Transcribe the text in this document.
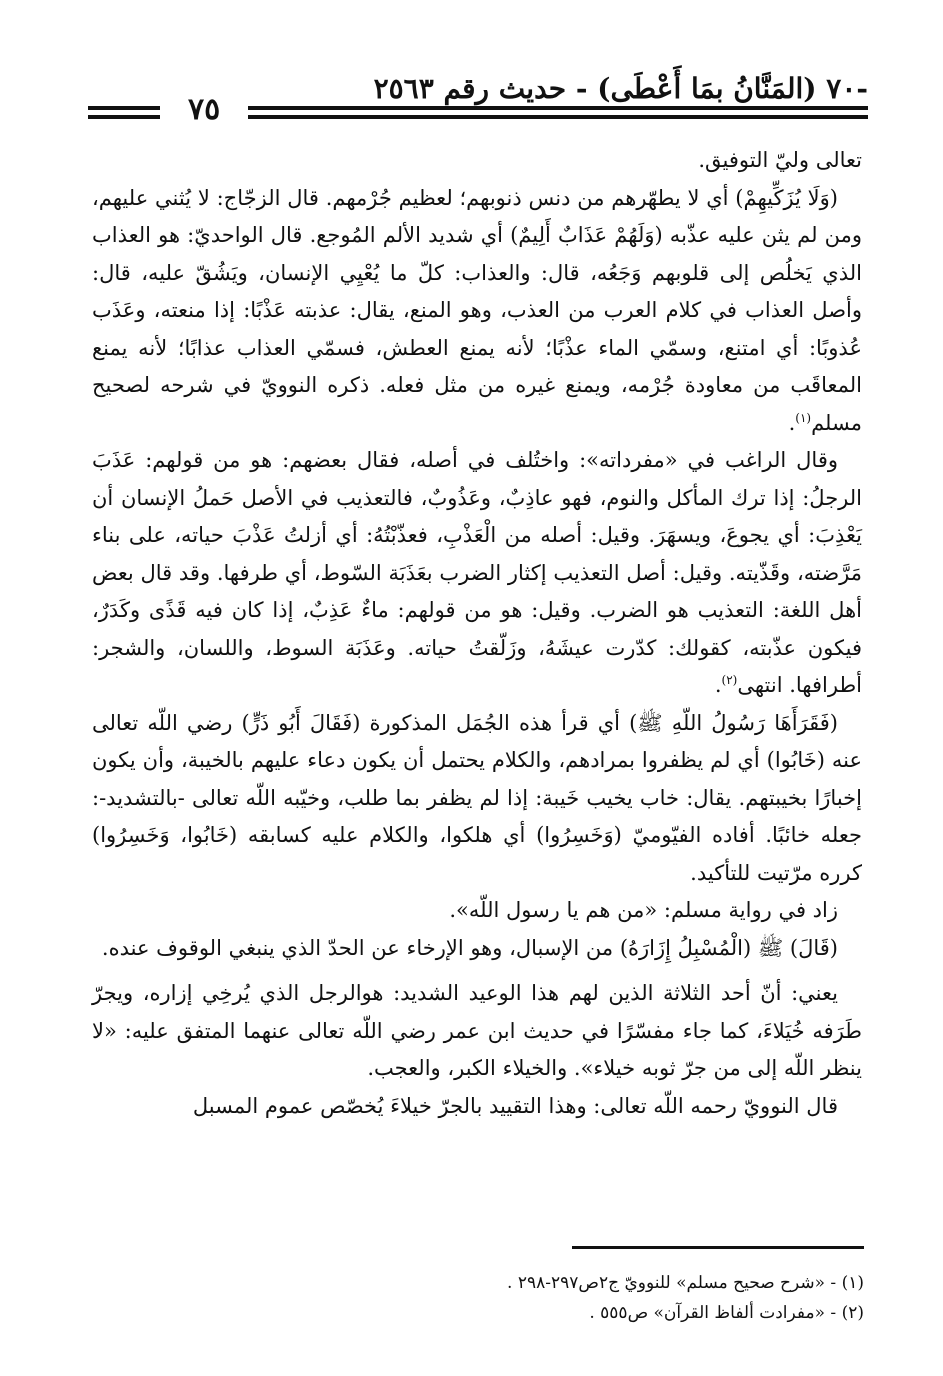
-٧٠ (المَنَّانُ بمَا أَعْطَى) - حديث رقم ٢٥٦٣
٧٥

تعالى وليّ التوفيق.

(وَلَا يُزَكِّيهِمْ) أي لا يطهّرهم من دنس ذنوبهم؛ لعظيم جُرْمهم. قال الزجّاج: لا يُثني عليهم، ومن لم يثن عليه عذّبه (وَلَهُمْ عَذَابٌ أَلِيمٌ) أي شديد الألم المُوجع. قال الواحديّ: هو العذاب الذي يَخلُص إلى قلوبهم وَجَعُه، قال: والعذاب: كلّ ما يُعْيِي الإنسان، ويَشُقّ عليه، قال: وأصل العذاب في كلام العرب من العذب، وهو المنع، يقال: عذبته عَذْبًا: إذا منعته، وعَذَب عُذوبًا: أي امتنع، وسمّي الماء عذْبًا؛ لأنه يمنع العطش، فسمّي العذاب عذابًا؛ لأنه يمنع المعاقَب من معاودة جُرْمه، ويمنع غيره من مثل فعله. ذكره النوويّ في شرحه لصحيح مسلم$^{(١)}$.

وقال الراغب في «مفرداته»: واختُلف في أصله، فقال بعضهم: هو من قولهم: عَذَبَ الرجلُ: إذا ترك المأكل والنوم، فهو عاذِبٌ، وعَذُوبٌ، فالتعذيب في الأصل حَملُ الإنسان أن يَعْذِبَ: أي يجوعَ، ويسهَرَ. وقيل: أصله من الْعَذْبِ، فعذّبْتُهُ: أي أزلتُ عَذْبَ حياته، على بناء مَرَّضته، وقَذّيته. وقيل: أصل التعذيب إكثار الضرب بعَذَبَة السّوط، أي طرفها. وقد قال بعض أهل اللغة: التعذيب هو الضرب. وقيل: هو من قولهم: ماءٌ عَذِبٌ، إذا كان فيه قَذًى وكَدَرٌ، فيكون عذّبته، كقولك: كدّرت عيشَهُ، وزَلّقتُ حياته. وعَذَبَة السوط، واللسان، والشجر: أطرافها. انتهى$^{(٢)}$.

(فَقَرَأَهَا رَسُولُ اللّهِ ﷺ) أي قرأ هذه الجُمَل المذكورة (فَقَالَ أَبُو ذَرٍّ) رضي اللّه تعالى عنه (خَابُوا) أي لم يظفروا بمرادهم، والكلام يحتمل أن يكون دعاء عليهم بالخيبة، وأن يكون إخبارًا بخيبتهم. يقال: خاب يخيب خَيبة: إذا لم يظفر بما طلب، وخيّبه اللّه تعالى -بالتشديد-: جعله خائبًا. أفاده الفيّوميّ (وَخَسِرُوا) أي هلكوا، والكلام عليه كسابقه (خَابُوا، وَخَسِرُوا) كرره مرّتيت للتأكيد.

زاد في رواية مسلم: «من هم يا رسول اللّه».

(قَالَ) ﷺ (الْمُسْبِلُ إِزَارَهُ) من الإسبال، وهو الإرخاء عن الحدّ الذي ينبغي الوقوف عنده.

يعني: أنّ أحد الثلاثة الذين لهم هذا الوعيد الشديد: هوالرجل الذي يُرخِي إزاره، ويجرّ طَرَفه خُيَلاءَ، كما جاء مفسّرًا في حديث ابن عمر رضي اللّه تعالى عنهما المتفق عليه: «لا ينظر اللّه إلى من جرّ ثوبه خيلاء». والخيلاء الكبر، والعجب.

قال النوويّ رحمه اللّه تعالى: وهذا التقييد بالجرّ خيلاءَ يُخصّص عموم المسبل

(١) - «شرح صحيح مسلم» للنوويّ ج٢ص٢٩٧-٢٩٨ .

(٢) - «مفرادت ألفاظ القرآن» ص٥٥٥ .
